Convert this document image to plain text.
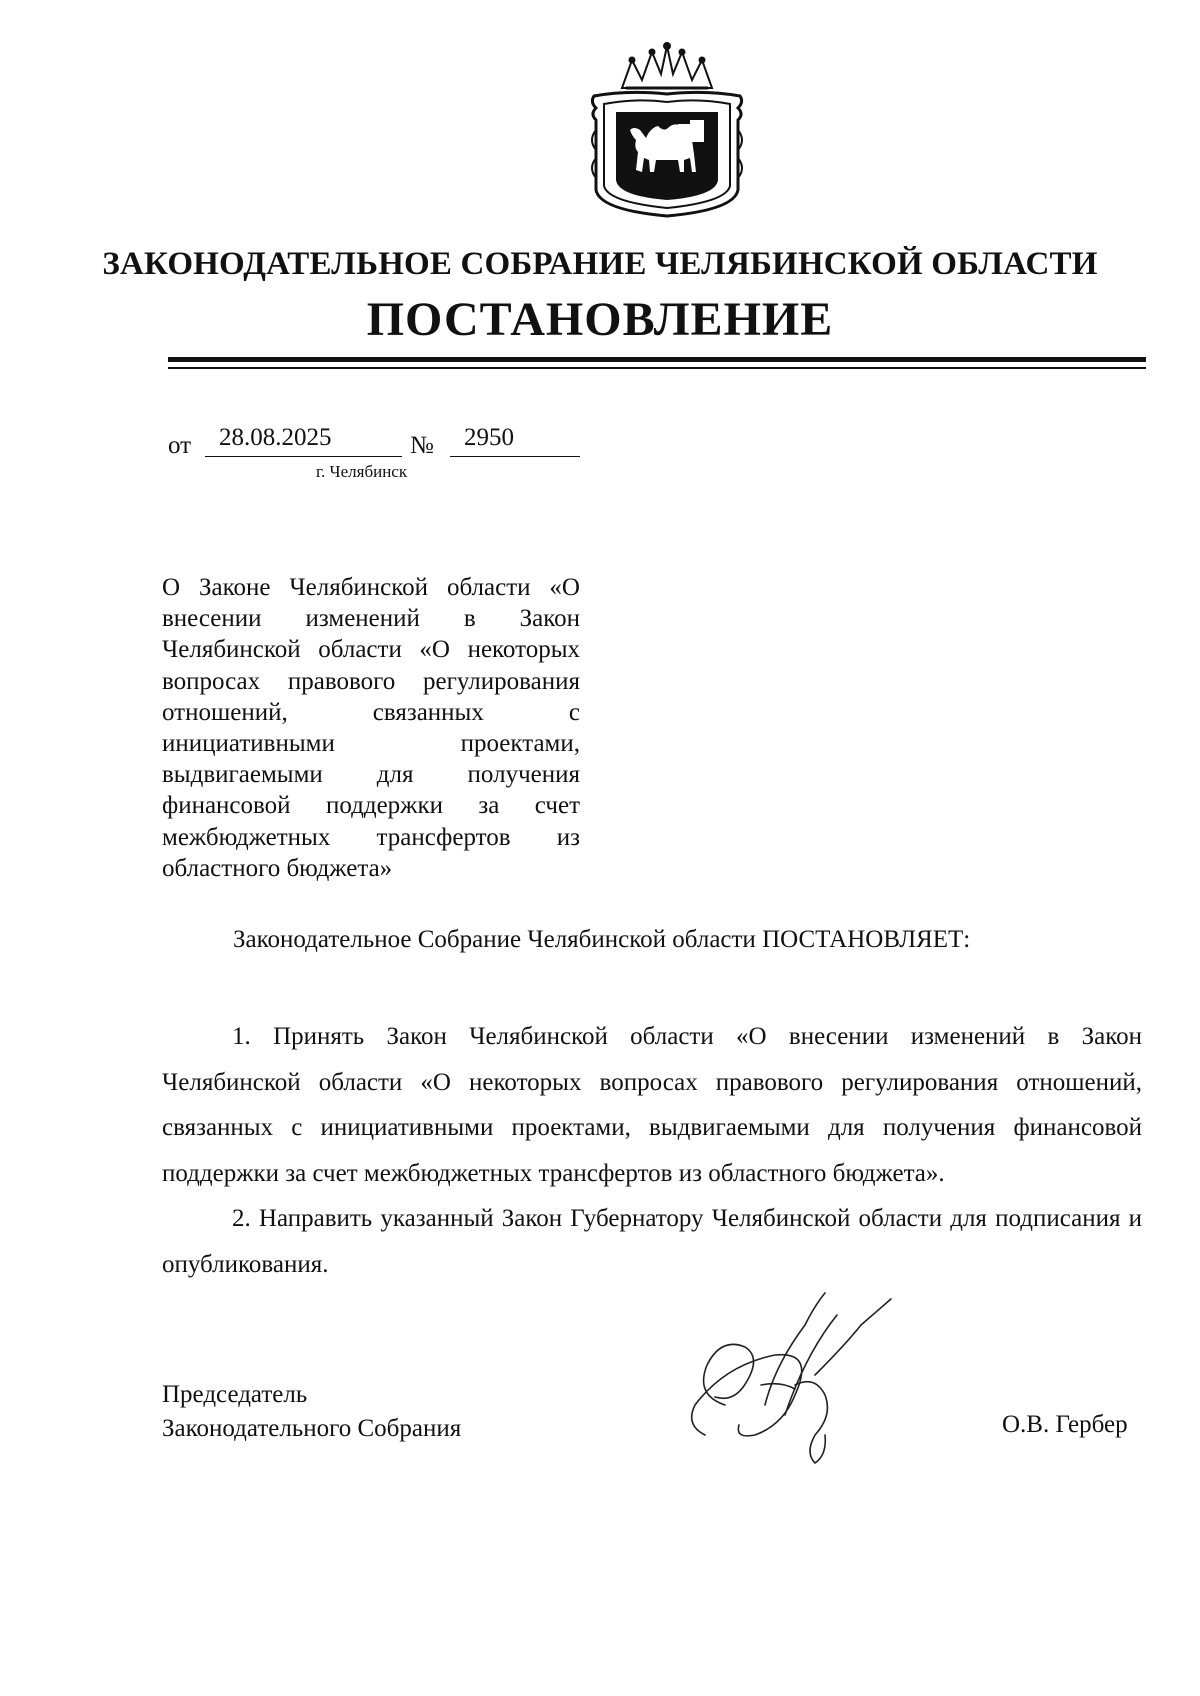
ЗАКОНОДАТЕЛЬНОЕ СОБРАНИЕ ЧЕЛЯБИНСКОЙ ОБЛАСТИ
ПОСТАНОВЛЕНИЕ
от	28.08.2025	№	2950
г. Челябинск

О Законе Челябинской области «О внесении изменений в Закон Челябинской области «О некоторых вопросах правового регулирования отношений, связанных с инициативными проектами, выдвигаемыми для получения финансовой поддержки за счет межбюджетных трансфертов из областного бюджета»

Законодательное Собрание Челябинской области ПОСТАНОВЛЯЕТ:

1. Принять Закон Челябинской области «О внесении изменений в Закон Челябинской области «О некоторых вопросах правового регулирования отношений, связанных с инициативными проектами, выдвигаемыми для получения финансовой поддержки за счет межбюджетных трансфертов из областного бюджета».

2. Направить указанный Закон Губернатору Челябинской области для подписания и опубликования.

Председатель
Законодательного Собрания	О.В. Гербер
